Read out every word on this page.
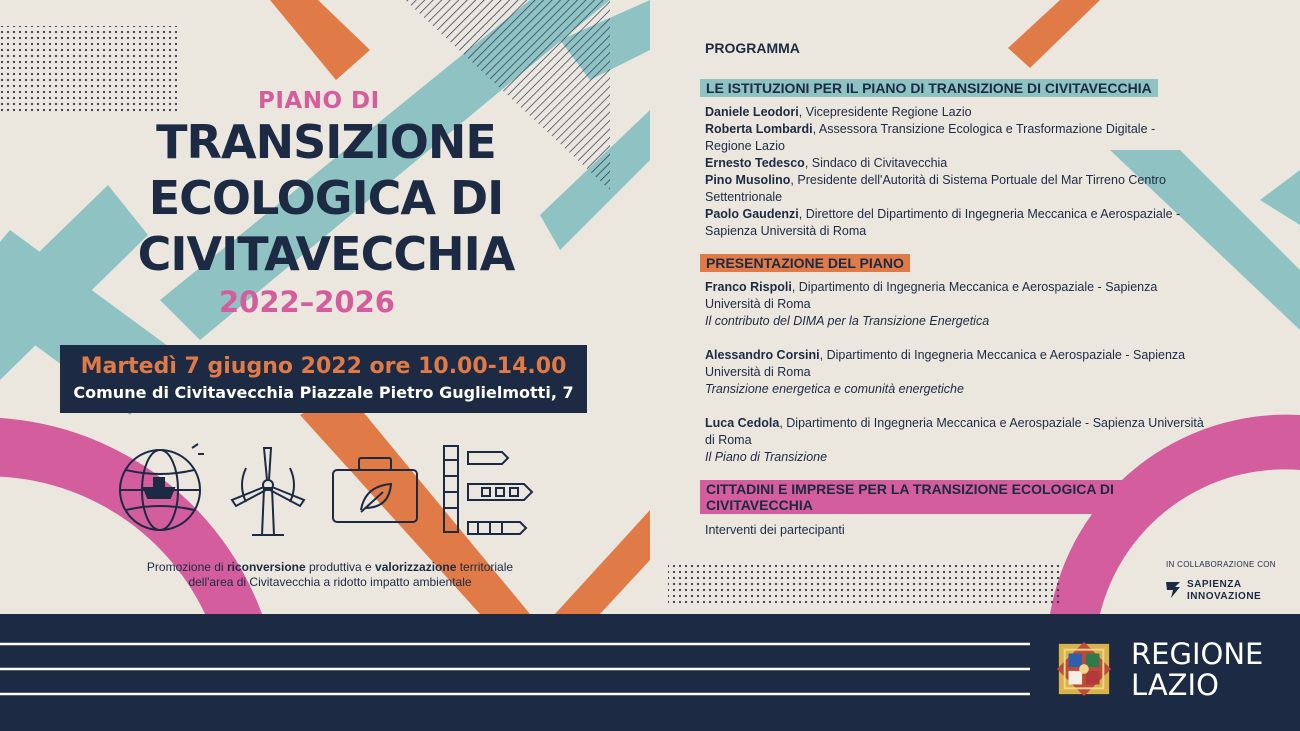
PIANO DI
TRANSIZIONE
ECOLOGICA DI
CIVITAVECCHIA
2022–2026
Martedì 7 giugno 2022 ore 10.00-14.00
Comune di Civitavecchia Piazzale Pietro Guglielmotti, 7
Promozione di riconversione produttiva e valorizzazione territoriale
dell'area di Civitavecchia a ridotto impatto ambientale
PROGRAMMA
LE ISTITUZIONI PER IL PIANO DI TRANSIZIONE DI CIVITAVECCHIA
Daniele Leodori, Vicepresidente Regione Lazio
Roberta Lombardi, Assessora Transizione Ecologica e Trasformazione Digitale - Regione Lazio
Ernesto Tedesco, Sindaco di Civitavecchia
Pino Musolino, Presidente dell'Autorità di Sistema Portuale del Mar Tirreno Centro Settentrionale
Paolo Gaudenzi, Direttore del Dipartimento di Ingegneria Meccanica e Aerospaziale - Sapienza Università di Roma
PRESENTAZIONE DEL PIANO
Franco Rispoli, Dipartimento di Ingegneria Meccanica e Aerospaziale - Sapienza Università di Roma
Il contributo del DIMA per la Transizione Energetica
Alessandro Corsini, Dipartimento di Ingegneria Meccanica e Aerospaziale - Sapienza Università di Roma
Transizione energetica e comunità energetiche
Luca Cedola, Dipartimento di Ingegneria Meccanica e Aerospaziale - Sapienza Università di Roma
Il Piano di Transizione
CITTADINI E IMPRESE PER LA TRANSIZIONE ECOLOGICA DI CIVITAVECCHIA
Interventi dei partecipanti
IN COLLABORAZIONE CON
SAPIENZA
INNOVAZIONE
REGIONE
LAZIO
